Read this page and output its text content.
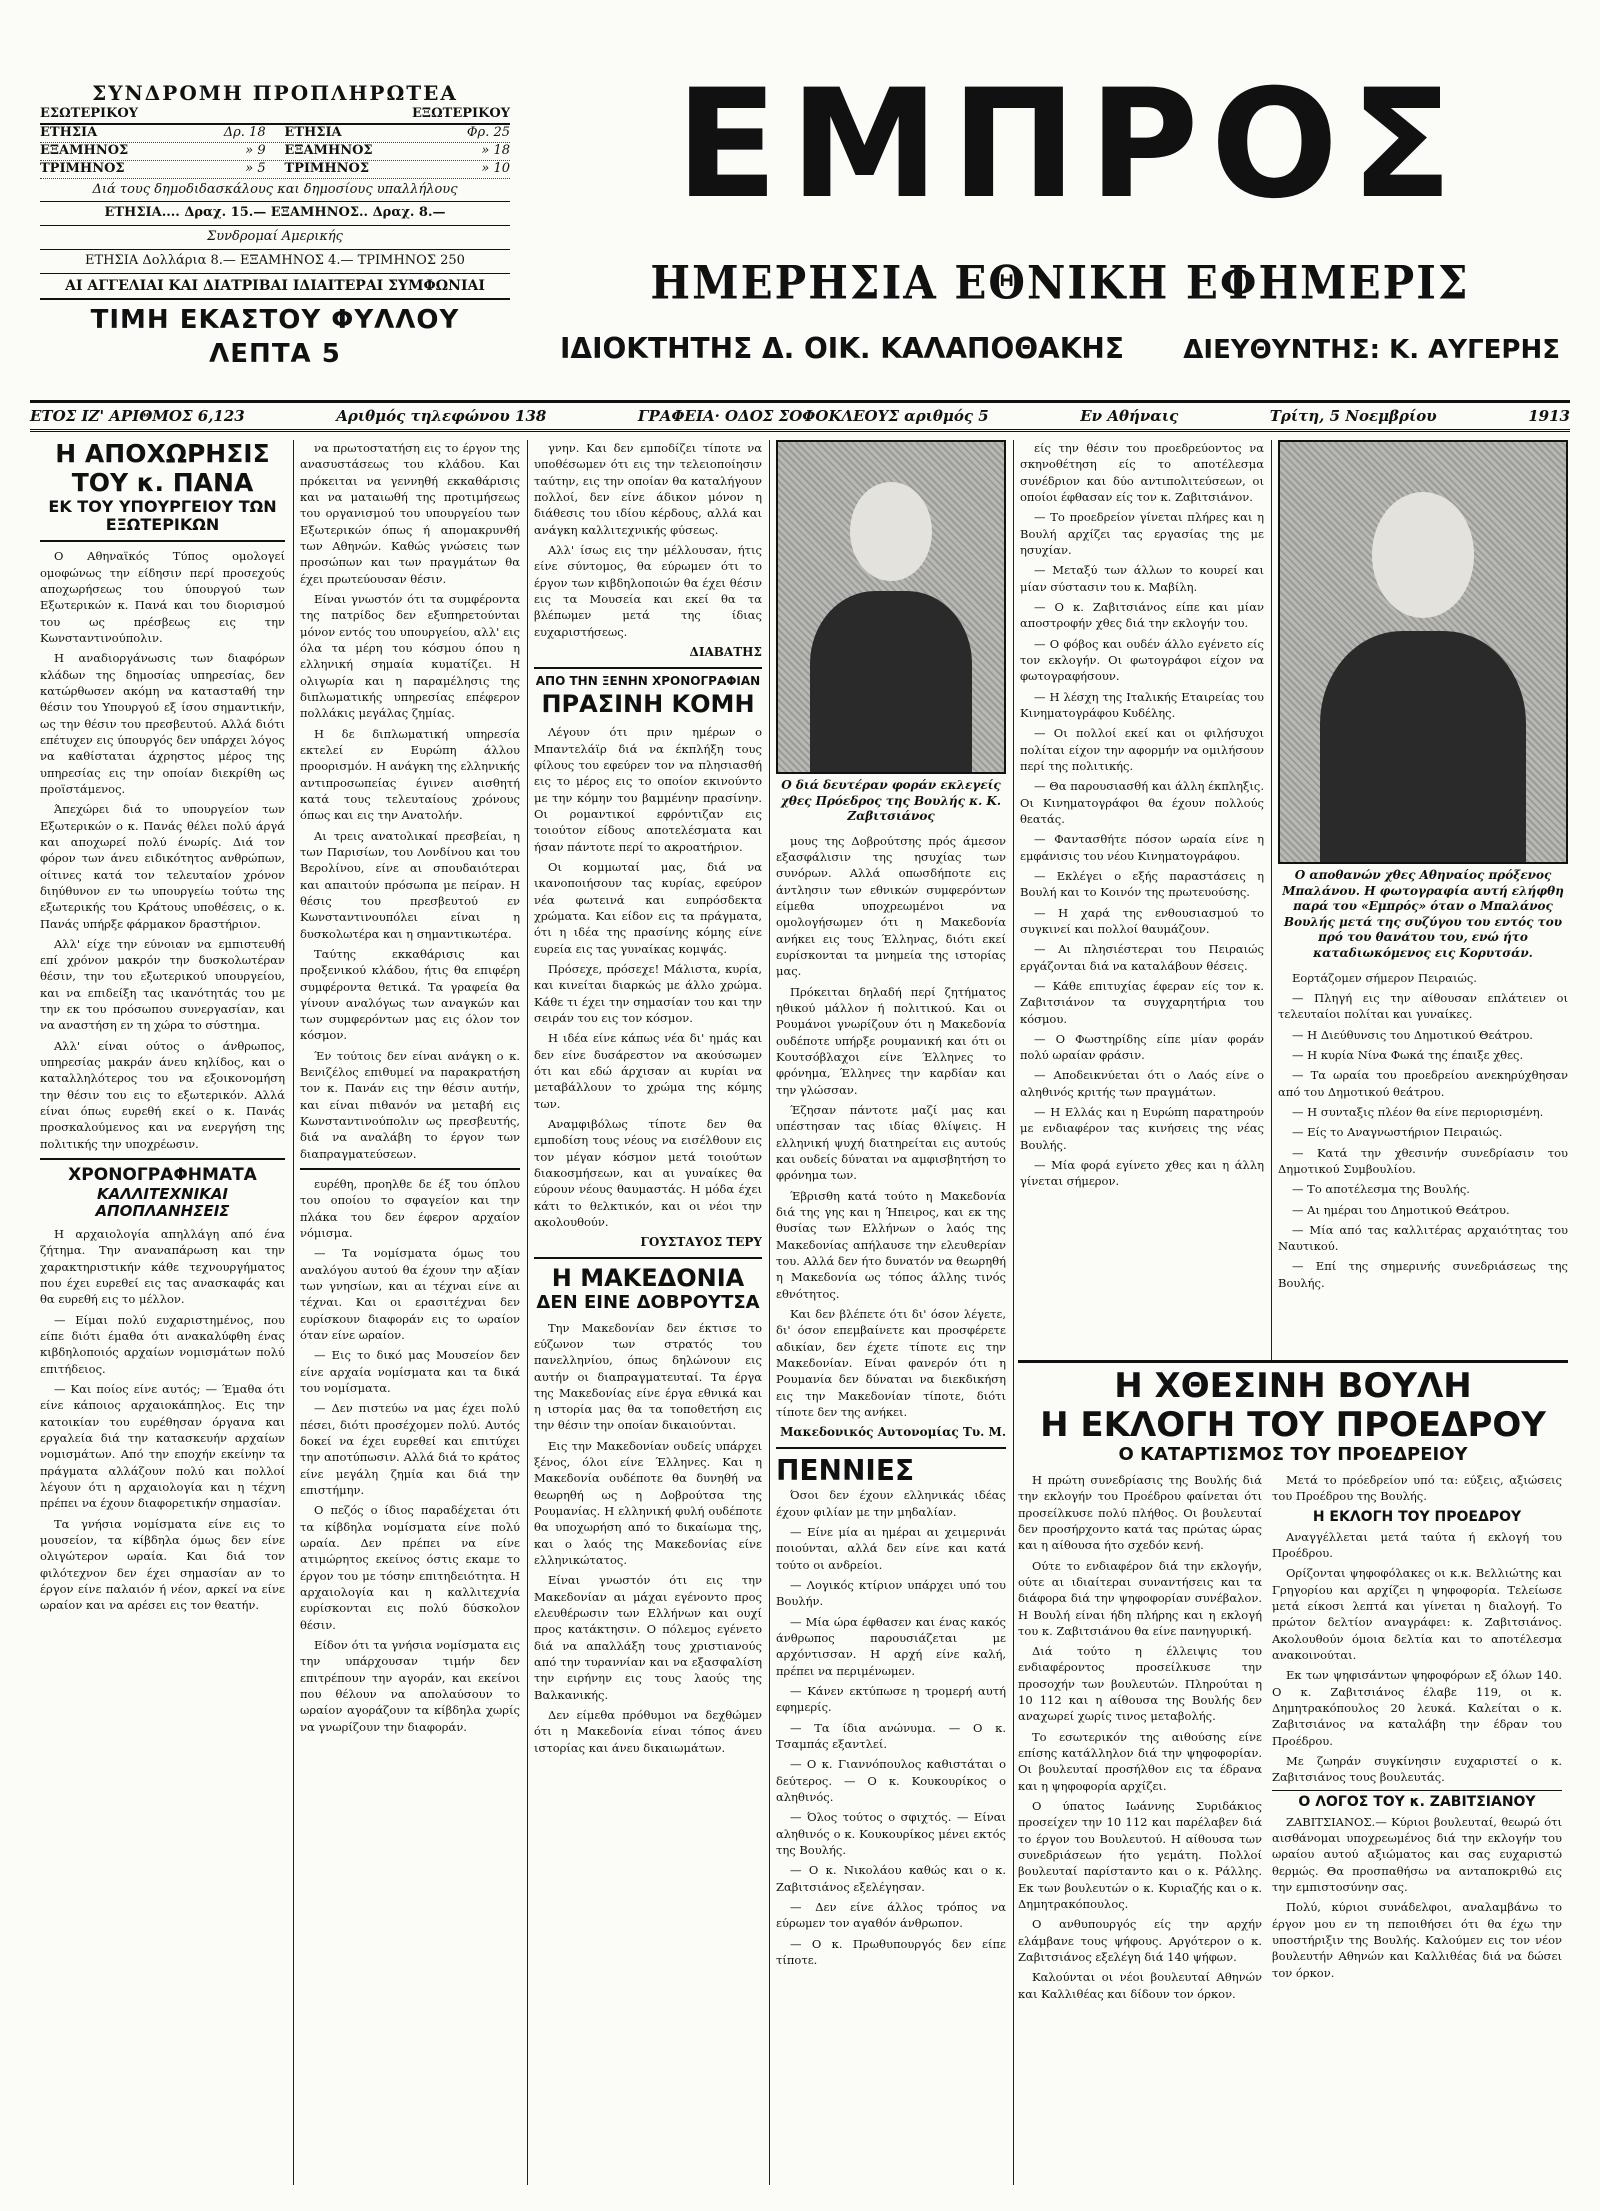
ΣΥΝΔΡΟΜΗ ΠΡΟΠΛΗΡΩΤΕΑ
ΕΣΩΤΕΡΙΚΟΥ	ΕΞΩΤΕΡΙΚΟΥ
ΕΤΗΣΙΑ	Δρ. 18 ΕΤΗΣΙΑ	Φρ. 25
ΕΞΑΜΗΝΟΣ	» 9 ΕΞΑΜΗΝΟΣ	» 18
ΤΡΙΜΗΝΟΣ	» 5 ΤΡΙΜΗΝΟΣ	» 10
Διά τους δημοδιδασκάλους και δημοσίους υπαλλήλους
ΕΤΗΣΙΑ.... Δραχ. 15.— ΕΞΑΜΗΝΟΣ.. Δραχ. 8.—
Συνδρομαί Αμερικής
ΕΤΗΣΙΑ Δολλάρια 8.— ΕΞΑΜΗΝΟΣ 4.— ΤΡΙΜΗΝΟΣ 250
ΑΙ ΑΓΓΕΛΙΑΙ ΚΑΙ ΔΙΑΤΡΙΒΑΙ ΙΔΙΑΙΤΕΡΑΙ ΣΥΜΦΩΝΙΑΙ
ΤΙΜΗ ΕΚΑΣΤΟΥ ΦΥΛΛΟΥ ΛΕΠΤΑ 5
ΕΜΠΡΟΣ
ΗΜΕΡΗΣΙΑ ΕΘΝΙΚΗ ΕΦΗΜΕΡΙΣ
ΙΔΙΟΚΤΗΤΗΣ Δ. ΟΙΚ. ΚΑΛΑΠΟΘΑΚΗΣ ΔΙΕΥΘΥΝΤΗΣ: Κ. ΑΥΓΕΡΗΣ
ΕΤΟΣ ΙΖ' ΑΡΙΘΜΟΣ 6,123	Αριθμός τηλεφώνου 138	ΓΡΑΦΕΙΑ· ΟΔΟΣ ΣΟΦΟΚΛΕΟΥΣ αριθμός 5	Εν Αθήναις	Τρίτη, 5 Νοεμβρίου	1913
Η ΑΠΟΧΩΡΗΣΙΣ ΤΟΥ κ. ΠΑΝΑ
ΕΚ ΤΟΥ ΥΠΟΥΡΓΕΙΟΥ ΤΩΝ ΕΞΩΤΕΡΙΚΩΝ

Ο Αθηναϊκός Τύπος ομολογεί ομοφώνως την είδησιν περί προσεχούς αποχωρήσεως του ύπουργού των Εξωτερικών κ. Πανά και του διορισμού του ως πρέσβεως εις την Κωνσταντινούπολιν.

Η αναδιοργάνωσις των διαφόρων κλάδων της δημοσίας υπηρεσίας, δεν κατώρθωσεν ακόμη να κατασταθή την θέσιν του Υπουργού εξ ίσου σημαντικήν, ως την θέσιν του πρεσβευτού. Αλλά διότι επέτυχεν εις ύπουργός δεν υπάρχει λόγος να καθίσταται άχρηστος μέρος της υπηρεσίας εις την οποίαν διεκρίθη ως προϊστάμενος.

Άπεχώρει διά το υπουργείον των Εξωτερικών ο κ. Πανάς θέλει πολύ άργά και αποχωρεί πολύ ένωρίς. Διά τον φόρον των άνευ ειδικότητος ανθρώπων, οίτινες κατά τον τελευταίον χρόνον διηύθυνον εν τω υπουργείω τούτω της εξωτερικής του Κράτους υποθέσεις, ο κ. Πανάς υπήρξε φάρμακον δραστήριον.

Αλλ' είχε την εύνοιαν να εμπιστευθή επί χρόνον μακρόν την δυσκολωτέραν θέσιν, την του εξωτερικού υπουργείου, και να επιδείξη τας ικανότητάς του με την εκ του πρόσωπου συνεργασίαν, και να αναστήση εν τη χώρα το σύστημα.

Αλλ' είναι ούτος ο άνθρωπος, υπηρεσίας μακράν άνευ κηλίδος, και ο καταλληλότερος του να εξοικονομήση την θέσιν του εις το εξωτερικόν. Αλλά είναι όπως ευρεθή εκεί ο κ. Πανάς προσκαλούμενος και να ενεργήση της πολιτικής την υποχρέωσιν.

ΧΡΟΝΟΓΡΑΦΗΜΑΤΑ
ΚΑΛΛΙΤΕΧΝΙΚΑΙ ΑΠΟΠΛΑΝΗΣΕΙΣ

Η αρχαιολογία απηλλάγη από ένα ζήτημα. Την αναναπάρωση και την χαρακτηριστικήν κάθε τεχνουργήματος που έχει ευρεθεί εις τας ανασκαφάς και θα ευρεθή εις το μέλλον.

— Είμαι πολύ ευχαριστημένος, που είπε διότι έμαθα ότι ανακαλύφθη ένας κιβδηλοποιός αρχαίων νομισμάτων πολύ επιτήδειος.

— Και ποίος είνε αυτός; — Έμαθα ότι είνε κάποιος αρχαιοκάπηλος. Εις την κατοικίαν του ευρέθησαν όργανα και εργαλεία διά την κατασκευήν αρχαίων νομισμάτων. Από την εποχήν εκείνην τα πράγματα αλλάζουν πολύ και πολλοί λέγουν ότι η αρχαιολογία και η τέχνη πρέπει να έχουν διαφορετικήν σημασίαν.

Τα γνήσια νομίσματα είνε εις το μουσείον, τα κίβδηλα όμως δεν είνε ολιγώτερον ωραία. Και διά τον φιλότεχνον δεν έχει σημασίαν αν το έργον είνε παλαιόν ή νέον, αρκεί να είνε ωραίον και να αρέσει εις τον θεατήν.

να πρωτοστατήση εις το έργον της ανασυστάσεως του κλάδου. Και πρόκειται να γεννηθή εκκαθάρισις και να ματαιωθή της προτιμήσεως του οργανισμού του υπουργείου των Εξωτερικών όπως ή απομακρυνθή των Αθηνών. Καθώς γνώσεις των προσώπων και των πραγμάτων θα έχει πρωτεύουσαν θέσιν.

Είναι γνωστόν ότι τα συμφέροντα της πατρίδος δεν εξυπηρετούνται μόνον εντός του υπουργείου, αλλ' εις όλα τα μέρη του κόσμου όπου η ελληνική σημαία κυματίζει. Η ολιγωρία και η παραμέλησις της διπλωματικής υπηρεσίας επέφερον πολλάκις μεγάλας ζημίας.

Η δε διπλωματική υπηρεσία εκτελεί εν Ευρώπη άλλου προορισμόν. Η ανάγκη της ελληνικής αντιπροσωπείας έγινεν αισθητή κατά τους τελευταίους χρόνους όπως και εις την Ανατολήν.

Αι τρεις ανατολικαί πρεσβείαι, η των Παρισίων, του Λονδίνου και του Βερολίνου, είνε αι σπουδαιότεραι και απαιτούν πρόσωπα με πείραν. Η θέσις του πρεσβευτού εν Κωνσταντινουπόλει είναι η δυσκολωτέρα και η σημαντικωτέρα.

Ταύτης εκκαθάρισις και προξενικού κλάδου, ήτις θα επιφέρη συμφέροντα θετικά. Τα γραφεία θα γίνουν αναλόγως των αναγκών και των συμφερόντων μας εις όλον τον κόσμον.

Έν τούτοις δεν είναι ανάγκη ο κ. Βενιζέλος επιθυμεί να παρακρατήση τον κ. Πανάν εις την θέσιν αυτήν, και είναι πιθανόν να μεταβή εις Κωνσταντινούπολιν ως πρεσβευτής, διά να αναλάβη το έργον των διαπραγματεύσεων.

ευρέθη, προηλθε δε έξ του όπλου του οποίου το σφαγείον και την πλάκα του δεν έφερον αρχαίον νόμισμα.

— Τα νομίσματα όμως του αναλόγου αυτού θα έχουν την αξίαν των γνησίων, και αι τέχναι είνε αι τέχναι. Και οι ερασιτέχναι δεν ευρίσκουν διαφοράν εις το ωραίον όταν είνε ωραίον.

— Εις το δικό μας Μουσείον δεν είνε αρχαία νομίσματα και τα δικά του νομίσματα.

— Δεν πιστεύω να μας έχει πολύ πέσει, διότι προσέχομεν πολύ. Αυτός δοκεί να έχει ευρεθεί και επιτύχει την αποτύπωσιν. Αλλά διά το κράτος είνε μεγάλη ζημία και διά την επιστήμην.

Ο πεζός ο ίδιος παραδέχεται ότι τα κίβδηλα νομίσματα είνε πολύ ωραία. Δεν πρέπει να είνε ατιμώρητος εκείνος όστις εκαμε το έργον του με τόσην επιτηδειότητα. Η αρχαιολογία και η καλλιτεχνία ευρίσκονται εις πολύ δύσκολον θέσιν.

Είδον ότι τα γνήσια νομίσματα εις την υπάρχουσαν τιμήν δεν επιτρέπουν την αγοράν, και εκείνοι που θέλουν να απολαύσουν το ωραίον αγοράζουν τα κίβδηλα χωρίς να γνωρίζουν την διαφοράν.

γνην. Και δεν εμποδίζει τίποτε να υποθέσωμεν ότι εις την τελειοποίησιν ταύτην, εις την οποίαν θα καταλήγουν πολλοί, δεν είνε άδικον μόνον η διάθεσις του ιδίου κέρδους, αλλά και ανάγκη καλλιτεχνικής φύσεως.

Αλλ' ίσως εις την μέλλουσαν, ήτις είνε σύντομος, θα εύρωμεν ότι το έργον των κιβδηλοποιών θα έχει θέσιν εις τα Μουσεία και εκεί θα τα βλέπωμεν μετά της ίδιας ευχαριστήσεως.

ΔΙΑΒΑΤΗΣ
ΑΠΟ ΤΗΝ ΞΕΝΗΝ ΧΡΟΝΟΓΡΑΦΙΑΝ
ΠΡΑΣΙΝΗ ΚΟΜΗ

Λέγουν ότι πριν ημέρων ο Μπαντελάϊρ διά να έκπλήξη τους φίλους του εφεύρεν τον να πλησιασθή εις το μέρος εις το οποίον εκινούντο με την κόμην του βαμμένην πρασίνην. Οι ρομαντικοί εφρόντιζαν εις τοιούτον είδους αποτελέσματα και ήσαν πάντοτε περί το ακροατήριον.

Οι κομμωταί μας, διά να ικανοποιήσουν τας κυρίας, εφεύρον νέα φωτεινά και ευπρόσδεκτα χρώματα. Και είδον εις τα πράγματα, ότι η ιδέα της πρασίνης κόμης είνε ευρεία εις τας γυναίκας κομψάς.

Πρόσεχε, πρόσεχε! Μάλιστα, κυρία, και κινείται διαρκώς με άλλο χρώμα. Κάθε τι έχει την σημασίαν του και την σειράν του εις τον κόσμον.

Η ιδέα είνε κάπως νέα δι' ημάς και δεν είνε δυσάρεστον να ακούσωμεν ότι και εδώ άρχισαν αι κυρίαι να μεταβάλλουν το χρώμα της κόμης των.

Αναμφιβόλως τίποτε δεν θα εμποδίση τους νέους να εισέλθουν εις τον μέγαν κόσμον μετά τοιούτων διακοσμήσεων, και αι γυναίκες θα εύρουν νέους θαυμαστάς. Η μόδα έχει κάτι το θελκτικόν, και οι νέοι την ακολουθούν.

ΓΟΥΣΤΑΥΟΣ ΤΕΡΥ
Η ΜΑΚΕΔΟΝΙΑ
ΔΕΝ ΕΙΝΕ ΔΟΒΡΟΥΤΣΑ

Την Μακεδονίαν δεν έκτισε το εύζωνον των στρατός του πανελληνίου, όπως δηλώνουν εις αυτήν οι διαπραγματευταί. Τα έργα της Μακεδονίας είνε έργα εθνικά και η ιστορία μας θα τα τοποθετήση εις την θέσιν την οποίαν δικαιούνται.

Εις την Μακεδονίαν ουδείς υπάρχει ξένος, όλοι είνε Έλληνες. Και η Μακεδονία ουδέποτε θα δυνηθή να θεωρηθή ως η Δοβρούτσα της Ρουμανίας. Η ελληνική φυλή ουδέποτε θα υποχωρήση από το δικαίωμα της, και ο λαός της Μακεδονίας είνε ελληνικώτατος.

Είναι γνωστόν ότι εις την Μακεδονίαν αι μάχαι εγένοντο προς ελευθέρωσιν των Ελλήνων και ουχί προς κατάκτησιν. Ο πόλεμος εγένετο διά να απαλλάξη τους χριστιανούς από την τυραννίαν και να εξασφαλίση την ειρήνην εις τους λαούς της Βαλκανικής.

Δεν είμεθα πρόθυμοι να δεχθώμεν ότι η Μακεδονία είναι τόπος άνευ ιστορίας και άνευ δικαιωμάτων.

Ο διά δευτέραν φοράν εκλεγείς χθες Πρόεδρος της Βουλής κ. Κ. Ζαβιτσιάνος

μους της Δοβρούτσης πρός άμεσον εξασφάλισιν της ησυχίας των συνόρων. Αλλά οπωσδήποτε εις άντλησιν των εθνικών συμφερόντων είμεθα υποχρεωμένοι να ομολογήσωμεν ότι η Μακεδονία ανήκει εις τους Έλληνας, διότι εκεί ευρίσκονται τα μνημεία της ιστορίας μας.

Πρόκειται δηλαδή περί ζητήματος ηθικού μάλλον ή πολιτικού. Και οι Ρουμάνοι γνωρίζουν ότι η Μακεδονία ουδέποτε υπήρξε ρουμανική και ότι οι Κουτσόβλαχοι είνε Έλληνες το φρόνημα, Έλληνες την καρδίαν και την γλώσσαν.

Έζησαν πάντοτε μαζί μας και υπέστησαν τας ιδίας θλίψεις. Η ελληνική ψυχή διατηρείται εις αυτούς και ουδείς δύναται να αμφισβητήση το φρόνημα των.

Έβρισθη κατά τούτο η Μακεδονία διά της γης και η Ήπειρος, και εκ της θυσίας των Ελλήνων ο λαός της Μακεδονίας απήλαυσε την ελευθερίαν του. Αλλά δεν ήτο δυνατόν να θεωρηθή η Μακεδονία ως τόπος άλλης τινός εθνότητος.

Και δεν βλέπετε ότι δι' όσον λέγετε, δι' όσον επεμβαίνετε και προσφέρετε αδικίαν, δεν έχετε τίποτε εις την Μακεδονίαν. Είναι φανερόν ότι η Ρουμανία δεν δύναται να διεκδικήση εις την Μακεδονίαν τίποτε, διότι τίποτε δεν της ανήκει.

Μακεδονικός Αυτονομίας Τυ. Μ.
ΠΕΝΝΙΕΣ

Όσοι δεν έχουν ελληνικάς ιδέας έχουν φιλίαν με την μηδαλίαν.

— Είνε μία αι ημέραι αι χειμερινάι ποιούνται, αλλά δεν είνε και κατά τούτο οι ανδρείοι.

— Λογικός κτίριον υπάρχει υπό του Βουλήν.

— Μία ώρα έφθασεν και ένας κακός άνθρωπος παρουσιάζεται με αρχόντισσαν. Η αρχή είνε καλή, πρέπει να περιμένωμεν.

— Κάνεν εκτύπωσε η τρομερή αυτή εφημερίς.

— Τα ίδια ανώνυμα. — Ο κ. Τσαμπάς εξαντλεί.

— Ο κ. Γιαννόπουλος καθιστάται ο δεύτερος. — Ο κ. Κουκουρίκος ο αληθινός.

— Όλος τούτος ο σφιχτός. — Είναι αληθινός ο κ. Κουκουρίκος μένει εκτός της Βουλής.

— Ο κ. Νικολάου καθώς και ο κ. Ζαβιτσιάνος εξελέγησαν.

— Δεν είνε άλλος τρόπος να εύρωμεν τον αγαθόν άνθρωπον.

— Ο κ. Πρωθυπουργός δεν είπε τίποτε.

είς την θέσιν του προεδρεύοντος να σκηνοθέτηση είς το αποτέλεσμα συνέδριον και δύο αντιπολιτεύσεων, οι οποίοι έφθασαν είς τον κ. Ζαβιτσιάνον.

— Το προεδρείον γίνεται πλήρες και η Βουλή αρχίζει τας εργασίας της με ησυχίαν.

— Μεταξύ των άλλων το κουρεί και μίαν σύστασιν του κ. Μαβίλη.

— Ο κ. Ζαβιτσιάνος είπε και μίαν αποστροφήν χθες διά την εκλογήν του.

— Ο φόβος και ουδέν άλλο εγένετο είς τον εκλογήν. Οι φωτογράφοι είχον να φωτογραφήσουν.

— Η λέσχη της Ιταλικής Εταιρείας του Κινηματογράφου Κυδέλης.

— Οι πολλοί εκεί και οι φιλήσυχοι πολίται είχον την αφορμήν να ομιλήσουν περί της πολιτικής.

— Θα παρουσιασθή και άλλη έκπληξις. Οι Κινηματογράφοι θα έχουν πολλούς θεατάς.

— Φαντασθήτε πόσον ωραία είνε η εμφάνισις του νέου Κινηματογράφου.

— Εκλέγει ο εξής παραστάσεις η Βουλή και το Κοινόν της πρωτευούσης.

— Η χαρά της ενθουσιασμού το συγκινεί και πολλοί θαυμάζουν.

— Αι πλησιέστεραι του Πειραιώς εργάζονται διά να καταλάβουν θέσεις.

— Κάθε επιτυχίας έφεραν είς τον κ. Ζαβιτσιάνον τα συγχαρητήρια του κόσμου.

— Ο Φωστηρίδης είπε μίαν φοράν πολύ ωραίαν φράσιν.

— Αποδεικνύεται ότι ο Λαός είνε ο αληθινός κριτής των πραγμάτων.

— Η Ελλάς και η Ευρώπη παρατηρούν με ενδιαφέρον τας κινήσεις της νέας Βουλής.

— Μία φορά εγίνετο χθες και η άλλη γίνεται σήμερον.

Ο αποθανών χθες Αθηναίος πρόξενος Μπαλάνου. Η φωτογραφία αυτή ελήφθη παρά του «Εμπρός» όταν ο Μπαλάνος Βουλής μετά της συζύγου του εντός του πρό του θανάτου του, ενώ ήτο καταδιωκόμενος εις Κορυτσάν.

Εορτάζομεν σήμερον Πειραιώς.

— Πληγή εις την αίθουσαν επλάτειεν οι τελευταίοι πολίται και γυναίκες.

— Η Διεύθυνσις του Δημοτικού Θεάτρου.

— Η κυρία Νίνα Φωκά της έπαιξε χθες.

— Τα ωραία του προεδρείου ανεκηρύχθησαν από του Δημοτικού θεάτρου.

— Η συνταξις πλέον θα είνε περιορισμένη.

— Είς το Αναγνωστήριον Πειραιώς.

— Κατά την χθεσινήν συνεδρίασιν του Δημοτικού Συμβουλίου.

— Το αποτέλεσμα της Βουλής.

— Αι ημέραι του Δημοτικού Θεάτρου.

— Μία από τας καλλιτέρας αρχαιότητας του Ναυτικού.

— Επί της σημερινής συνεδριάσεως της Βουλής.

Η ΧΘΕΣΙΝΗ ΒΟΥΛΗ
Η ΕΚΛΟΓΗ ΤΟΥ ΠΡΟΕΔΡΟΥ
Ο ΚΑΤΑΡΤΙΣΜΟΣ ΤΟΥ ΠΡΟΕΔΡΕΙΟΥ

Η πρώτη συνεδρίασις της Βουλής διά την εκλογήν του Προέδρου φαίνεται ότι προσείλκυσε πολύ πλήθος. Οι βουλευταί δεν προσήρχοντο κατά τας πρώτας ώρας και η αίθουσα ήτο σχεδόν κενή.

Ούτε το ενδιαφέρον διά την εκλογήν, ούτε αι ιδιαίτεραι συναντήσεις και τα διάφορα διά την ψηφοφορίαν συνέβαλον. Η Βουλή είναι ήδη πλήρης και η εκλογή του κ. Ζαβιτσιάνου θα είνε πανηγυρική.

Διά τούτο η έλλειψις του ενδιαφέροντος προσείλκυσε την προσοχήν των βουλευτών. Πληρούται η 10 112 και η αίθουσα της Βουλής δεν αναχωρεί χωρίς τινος μεταβολής.

Το εσωτερικόν της αιθούσης είνε επίσης κατάλληλον διά την ψηφοφορίαν. Οι βουλευταί προσήλθον εις τα έδρανα και η ψηφοφορία αρχίζει.

Ο ύπατος Ιωάννης Συριδάκιος προσείχεν την 10 112 και παρέλαβεν διά το έργον του Βουλευτού. Η αίθουσα των συνεδριάσεων ήτο γεμάτη. Πολλοί βουλευταί παρίσταντο και ο κ. Ράλλης. Εκ των βουλευτών ο κ. Κυριαζής και ο κ. Δημητρακόπουλος.

Ο ανθυπουργός είς την αρχήν ελάμβανε τους ψήφους. Αργότερον ο κ. Ζαβιτσιάνος εξελέγη διά 140 ψήφων.

Καλούνται οι νέοι βουλευταί Αθηνών και Καλλιθέας και δίδουν τον όρκον.

Μετά το πρόεδρείον υπό τα: εύξεις, αξιώσεις του Προέδρου της Βουλής.

Η ΕΚΛΟΓΗ ΤΟΥ ΠΡΟΕΔΡΟΥ

Αναγγέλλεται μετά ταύτα ή εκλογή του Προέδρου.

Ορίζονται ψηφοφόλακες οι κ.κ. Βελλιώτης και Γρηγορίου και αρχίζει η ψηφοφορία. Τελείωσε μετά είκοσι λεπτά και γίνεται η διαλογή. Το πρώτον δελτίον αναγράφει: κ. Ζαβιτσιάνος. Ακολουθούν όμοια δελτία και το αποτέλεσμα ανακοινούται.

Εκ των ψηφισάντων ψηφοφόρων εξ όλων 140. Ο κ. Ζαβιτσιάνος έλαβε 119, οι κ. Δημητρακόπουλος 20 λευκά. Καλείται ο κ. Ζαβιτσιάνος να καταλάβη την έδραν του Προέδρου.

Με ζωηράν συγκίνησιν ευχαριστεί ο κ. Ζαβιτσιάνος τους βουλευτάς.

Ο ΛΟΓΟΣ ΤΟΥ κ. ΖΑΒΙΤΣΙΑΝΟΥ

ΖΑΒΙΤΣΙΑΝΟΣ.— Κύριοι βουλευταί, θεωρώ ότι αισθάνομαι υποχρεωμένος διά την εκλογήν του ωραίου αυτού αξιώματος και σας ευχαριστώ θερμώς. Θα προσπαθήσω να ανταποκριθώ εις την εμπιστοσύνην σας.

Πολύ, κύριοι συνάδελφοι, αναλαμβάνω το έργον μου εν τη πεποιθήσει ότι θα έχω την υποστήριξιν της Βουλής. Καλούμεν εις τον νέον βουλευτήν Αθηνών και Καλλιθέας διά να δώσει τον όρκον.
